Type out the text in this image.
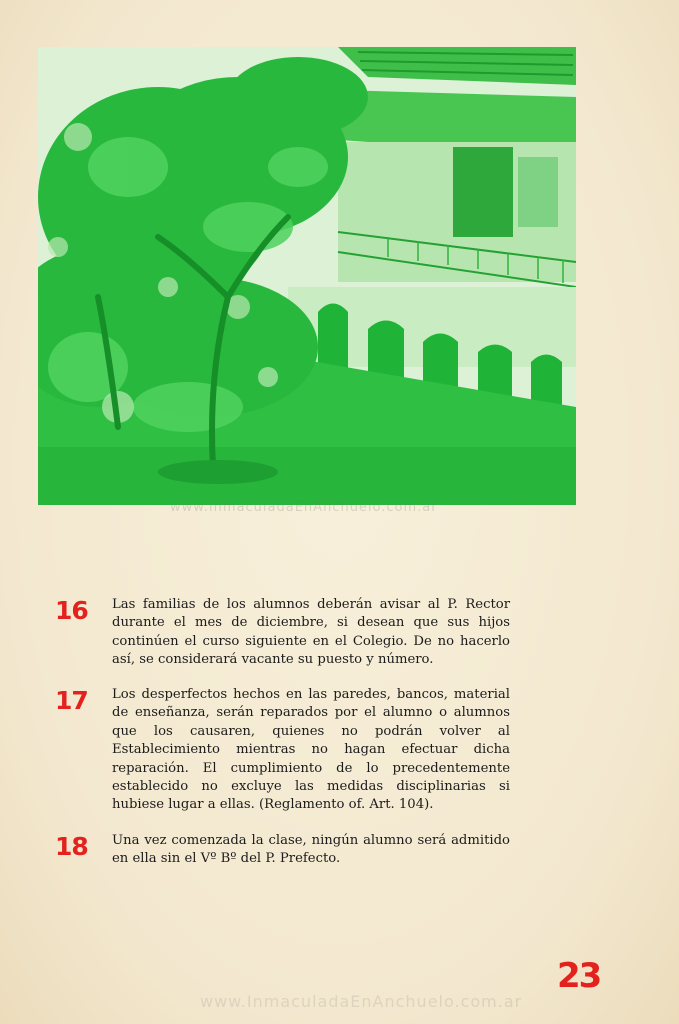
www.InmaculadaEnAnchuelo.com.ar
16	Las familias de los alumnos deberán avisar al P. Rector durante el mes de diciembre, si desean que sus hijos continúen el curso siguiente en el Colegio. De no hacerlo así, se considerará vacante su puesto y número.
17	Los desperfectos hechos en las paredes, bancos, material de enseñanza, serán reparados por el alumno o alumnos que los causaren, quienes no podrán volver al Establecimiento mientras no hagan efectuar dicha reparación. El cumplimiento de lo precedentemente establecido no excluye las medidas disciplinarias si hubiese lugar a ellas. (Reglamento of. Art. 104).
18	Una vez comenzada la clase, ningún alumno será admitido en ella sin el Vº Bº del P. Prefecto.
23
www.InmaculadaEnAnchuelo.com.ar
